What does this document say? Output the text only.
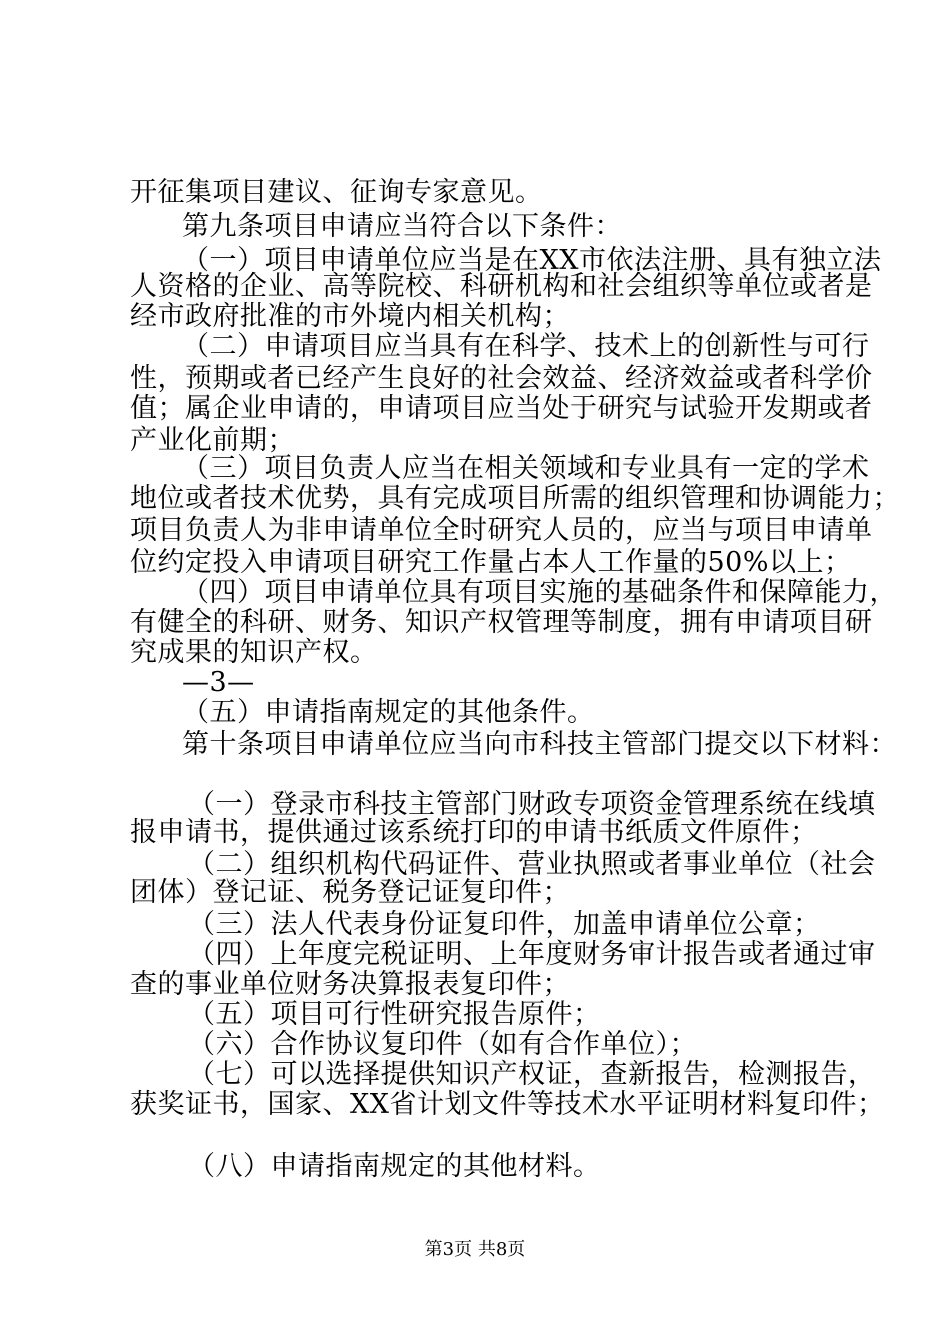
开征集项目建议、征询专家意见。
第九条项目申请应当符合以下条件：
（一）项目申请单位应当是在XX市依法注册、具有独立法
人资格的企业、高等院校、科研机构和社会组织等单位或者是
经市政府批准的市外境内相关机构；
（二）申请项目应当具有在科学、技术上的创新性与可行
性，预期或者已经产生良好的社会效益、经济效益或者科学价
值；属企业申请的，申请项目应当处于研究与试验开发期或者
产业化前期；
（三）项目负责人应当在相关领域和专业具有一定的学术
地位或者技术优势，具有完成项目所需的组织管理和协调能力；
项目负责人为非申请单位全时研究人员的，应当与项目申请单
位约定投入申请项目研究工作量占本人工作量的50%以上；
（四）项目申请单位具有项目实施的基础条件和保障能力，
有健全的科研、财务、知识产权管理等制度，拥有申请项目研
究成果的知识产权。
—3—
（五）申请指南规定的其他条件。
第十条项目申请单位应当向市科技主管部门提交以下材料：
（一）登录市科技主管部门财政专项资金管理系统在线填
报申请书，提供通过该系统打印的申请书纸质文件原件；
（二）组织机构代码证件、营业执照或者事业单位（社会
团体）登记证、税务登记证复印件；
（三）法人代表身份证复印件，加盖申请单位公章；
（四）上年度完税证明、上年度财务审计报告或者通过审
查的事业单位财务决算报表复印件；
（五）项目可行性研究报告原件；
（六）合作协议复印件（如有合作单位）；
（七）可以选择提供知识产权证，查新报告，检测报告，
获奖证书，国家、XX省计划文件等技术水平证明材料复印件；
（八）申请指南规定的其他材料。
第3页 共8页
